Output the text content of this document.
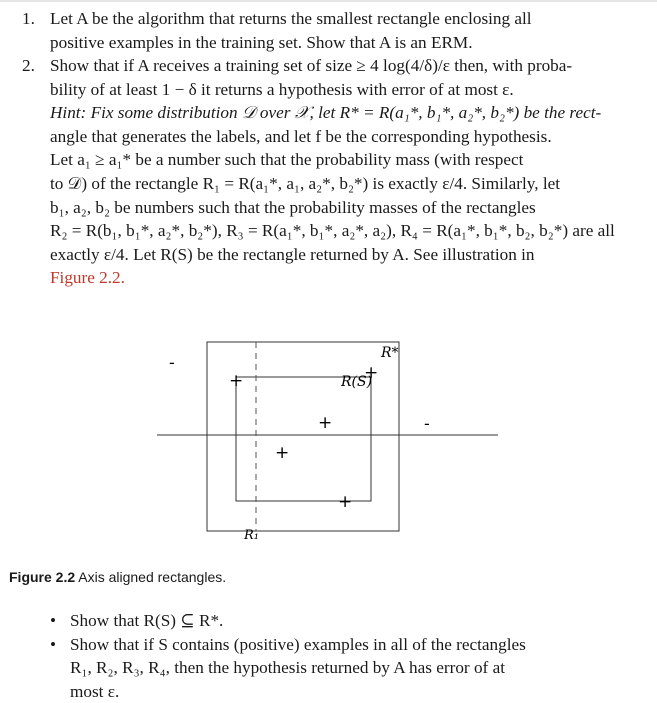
1. Let A be the algorithm that returns the smallest rectangle enclosing all
positive examples in the training set. Show that A is an ERM.
2. Show that if A receives a training set of size ≥ 4 log(4/δ)/ε then, with proba-
bility of at least 1 − δ it returns a hypothesis with error of at most ε.
Hint: Fix some distribution 𝒟 over 𝒳, let R* = R(a₁*, b₁*, a₂*, b₂*) be the rect-
angle that generates the labels, and let f be the corresponding hypothesis.
Let a₁ ≥ a₁* be a number such that the probability mass (with respect
to 𝒟) of the rectangle R₁ = R(a₁*, a₁, a₂*, b₂*) is exactly ε/4. Similarly, let
b₁, a₂, b₂ be numbers such that the probability masses of the rectangles
R₂ = R(b₁, b₁*, a₂*, b₂*), R₃ = R(a₁*, b₁*, a₂*, a₂), R₄ = R(a₁*, b₁*, b₂, b₂*) are all
exactly ε/4. Let R(S) be the rectangle returned by A. See illustration in
Figure 2.2.
-
-
+	+
+
+
+
R*
R(S)
R₁
Figure 2.2 Axis aligned rectangles.
• Show that R(S) ⊆ R*.
• Show that if S contains (positive) examples in all of the rectangles
R₁, R₂, R₃, R₄, then the hypothesis returned by A has error of at
most ε.
